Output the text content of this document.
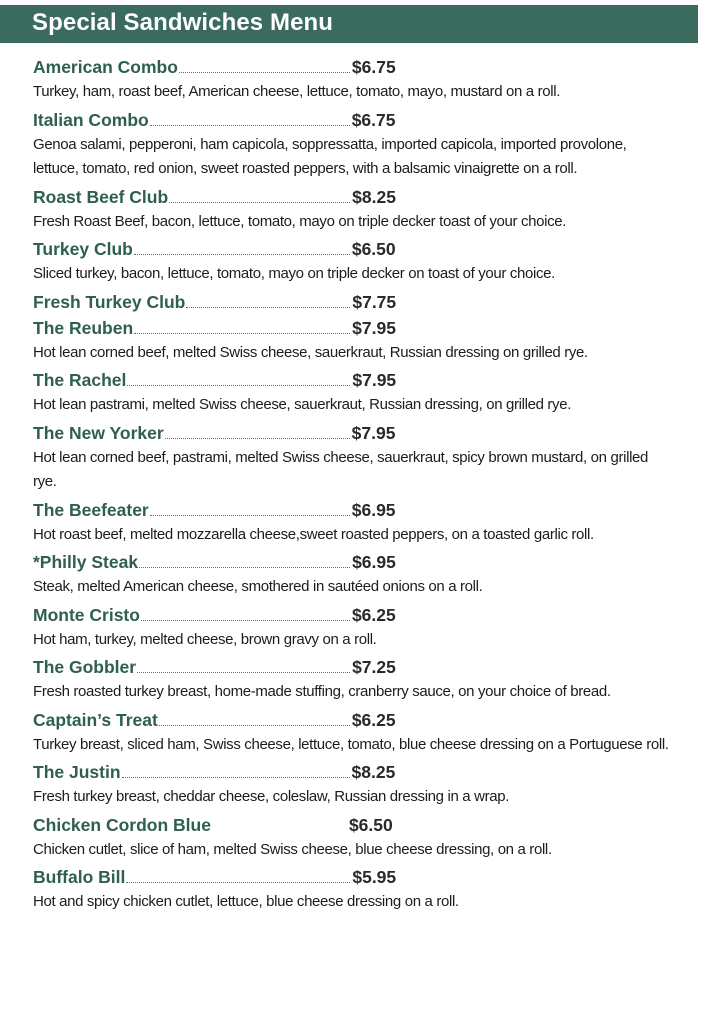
Special Sandwiches Menu
American Combo	$6.75
Turkey, ham, roast beef, American cheese, lettuce, tomato, mayo, mustard on a roll.
Italian Combo	$6.75
Genoa salami, pepperoni, ham capicola, soppressatta, imported capicola, imported provolone, lettuce, tomato, red onion, sweet roasted peppers, with a balsamic vinaigrette on a roll.
Roast Beef Club	$8.25
Fresh Roast Beef, bacon, lettuce, tomato, mayo on triple decker toast of your choice.
Turkey Club	$6.50
Sliced turkey, bacon, lettuce, tomato, mayo on triple decker on toast of your choice.
Fresh Turkey Club	$7.75
The Reuben	$7.95
Hot lean corned beef, melted Swiss cheese, sauerkraut, Russian dressing on grilled rye.
The Rachel	$7.95
Hot lean pastrami, melted Swiss cheese, sauerkraut, Russian dressing, on grilled rye.
The New Yorker	$7.95
Hot lean corned beef, pastrami, melted Swiss cheese, sauerkraut, spicy brown mustard, on grilled rye.
The Beefeater	$6.95
Hot roast beef, melted mozzarella cheese,sweet roasted peppers, on a toasted garlic roll.
*Philly Steak	$6.95
Steak, melted American cheese, smothered in sautéed onions on a roll.
Monte Cristo	$6.25
Hot ham, turkey, melted cheese, brown gravy on a roll.
The Gobbler	$7.25
Fresh roasted turkey breast, home-made stuffing, cranberry sauce, on your choice of bread.
Captain’s Treat	$6.25
Turkey breast, sliced ham, Swiss cheese, lettuce, tomato, blue cheese dressing on a Portuguese roll.
The Justin	$8.25
Fresh turkey breast, cheddar cheese, coleslaw, Russian dressing in a wrap.
Chicken Cordon Blue	$6.50
Chicken cutlet, slice of ham, melted Swiss cheese, blue cheese dressing, on a roll.
Buffalo Bill	$5.95
Hot and spicy chicken cutlet, lettuce, blue cheese dressing on a roll.
